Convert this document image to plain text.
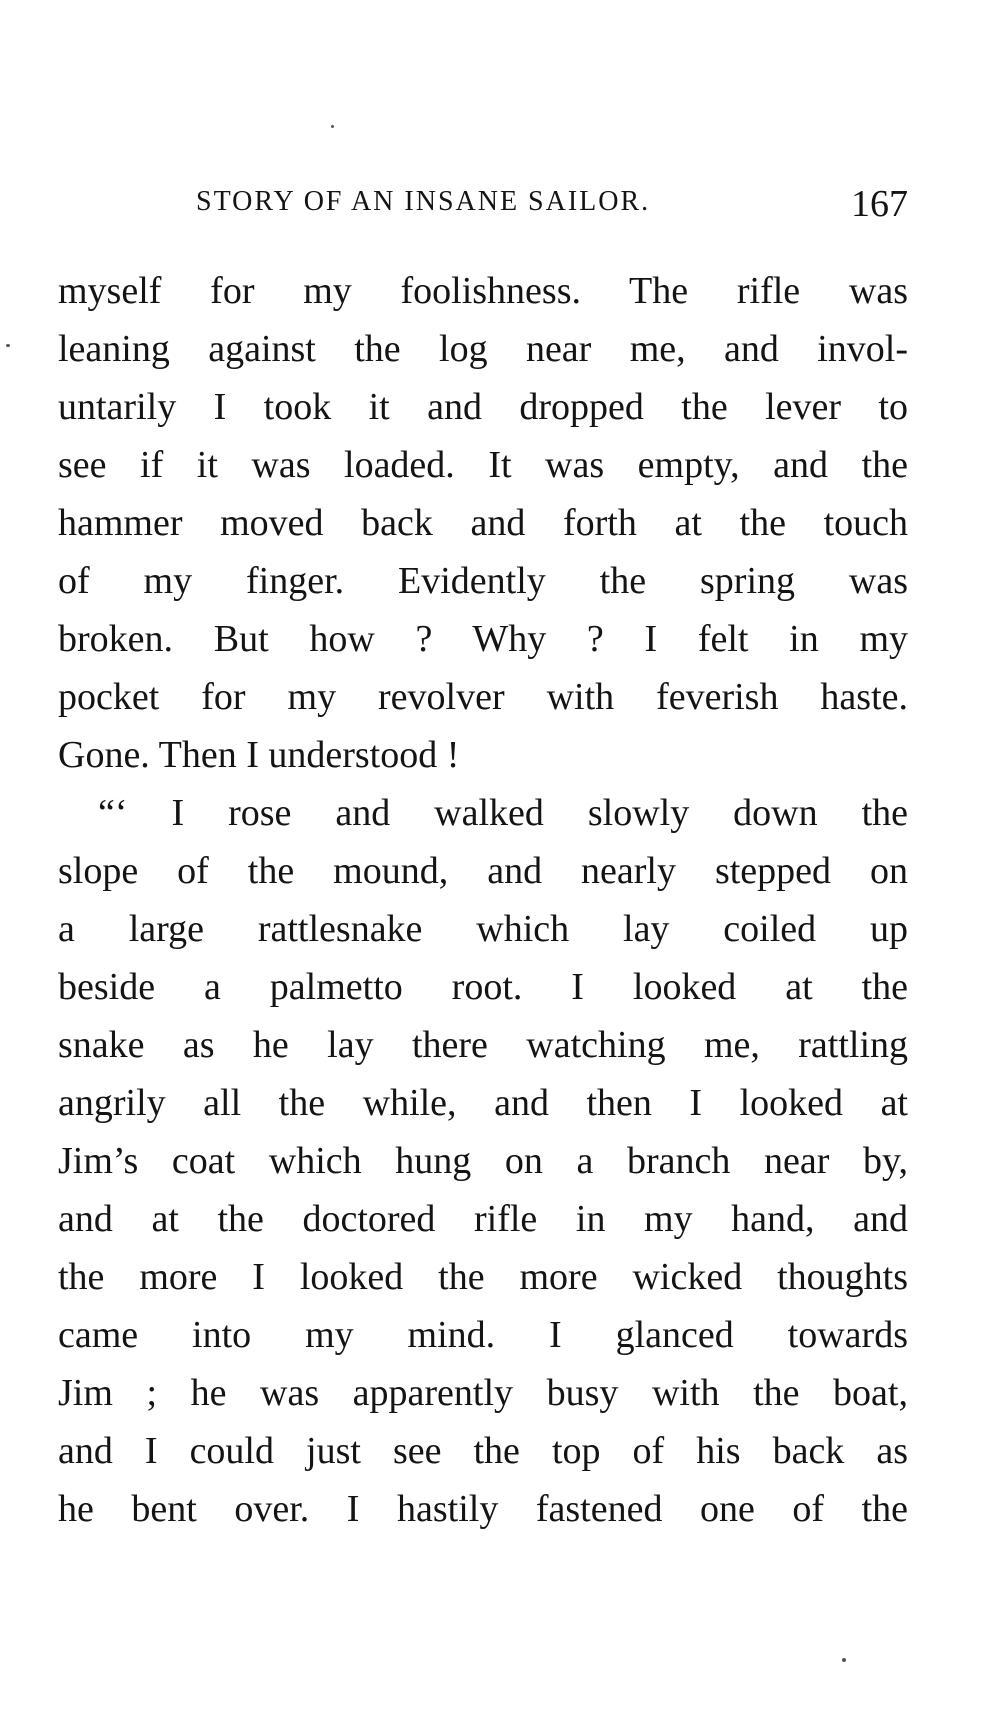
STORY OF AN INSANE SAILOR.	167
myself for my foolishness. The rifle was
leaning against the log near me, and invol-
untarily I took it and dropped the lever to
see if it was loaded. It was empty, and the
hammer moved back and forth at the touch
of my finger. Evidently the spring was
broken. But how ? Why ? I felt in my
pocket for my revolver with feverish haste.
Gone. Then I understood !
“‘ I rose and walked slowly down the
slope of the mound, and nearly stepped on
a large rattlesnake which lay coiled up
beside a palmetto root. I looked at the
snake as he lay there watching me, rattling
angrily all the while, and then I looked at
Jim’s coat which hung on a branch near by,
and at the doctored rifle in my hand, and
the more I looked the more wicked thoughts
came into my mind. I glanced towards
Jim ; he was apparently busy with the boat,
and I could just see the top of his back as
he bent over. I hastily fastened one of the
